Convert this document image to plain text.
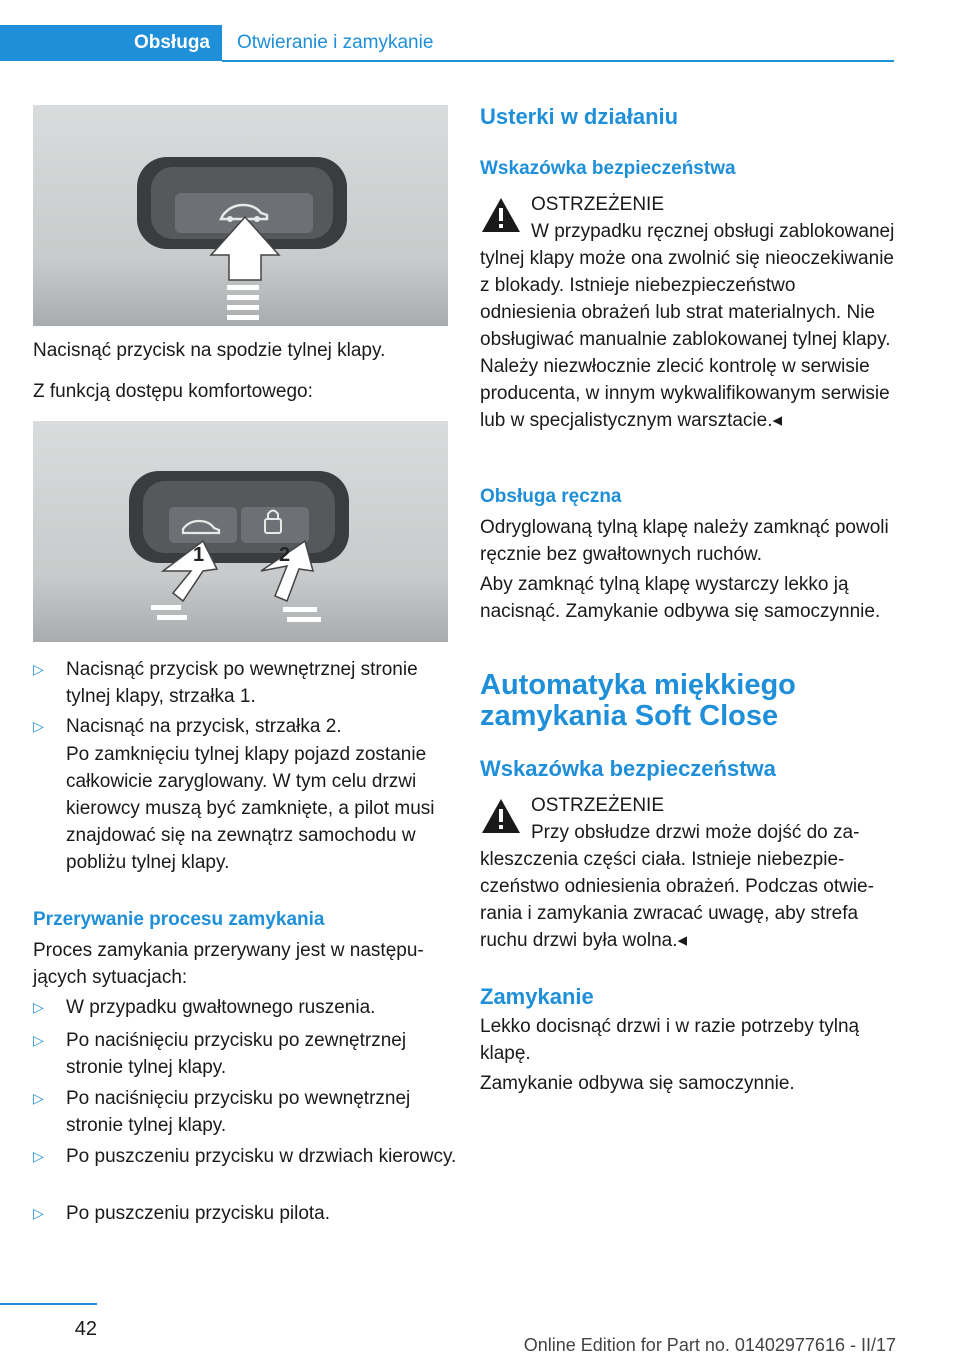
Obsługa	Otwieranie i zamykanie

Nacisnąć przycisk na spodzie tylnej klapy.

Z funkcją dostępu komfortowego:

1	2
▷ Nacisnąć przycisk po wewnętrznej stronie tylnej klapy, strzałka 1.
▷ Nacisnąć na przycisk, strzałka 2.

Po zamknięciu tylnej klapy pojazd zostanie całkowicie zaryglowany. W tym celu drzwi kierowcy muszą być zamknięte, a pilot musi znajdować się na zewnątrz samochodu w pobliżu tylnej klapy.

Przerywanie procesu zamykania

Proces zamykania przerywany jest w następujących sytuacjach:

▷ W przypadku gwałtownego ruszenia.
▷ Po naciśnięciu przycisku po zewnętrznej stronie tylnej klapy.
▷ Po naciśnięciu przycisku po wewnętrznej stronie tylnej klapy.
▷ Po puszczeniu przycisku w drzwiach kierowcy.
▷ Po puszczeniu przycisku pilota.

Usterki w działaniu

Wskazówka bezpieczeństwa

OSTRZEŻENIE

W przypadku ręcznej obsługi zablokowanej tylnej klapy może ona zwolnić się nieoczekiwanie z blokady. Istnieje niebezpieczeństwo odniesienia obrażeń lub strat materialnych. Nie obsługiwać manualnie zablokowanej tylnej klapy. Należy niezwłocznie zlecić kontrolę w serwisie producenta, w innym wykwalifikowanym serwisie lub w specjalistycznym warsztacie.◂

Obsługa ręczna

Odryglowaną tylną klapę należy zamknąć powoli ręcznie bez gwałtownych ruchów.

Aby zamknąć tylną klapę wystarczy lekko ją nacisnąć. Zamykanie odbywa się samoczynnie.

Automatyka miękkiego zamykania Soft Close

Wskazówka bezpieczeństwa

OSTRZEŻENIE

Przy obsłudze drzwi może dojść do zakleszczenia części ciała. Istnieje niebezpieczeństwo odniesienia obrażeń. Podczas otwierania i zamykania zwracać uwagę, aby strefa ruchu drzwi była wolna.◂

Zamykanie

Lekko docisnąć drzwi i w razie potrzeby tylną klapę.

Zamykanie odbywa się samoczynnie.

42
Online Edition for Part no. 01402977616 - II/17
